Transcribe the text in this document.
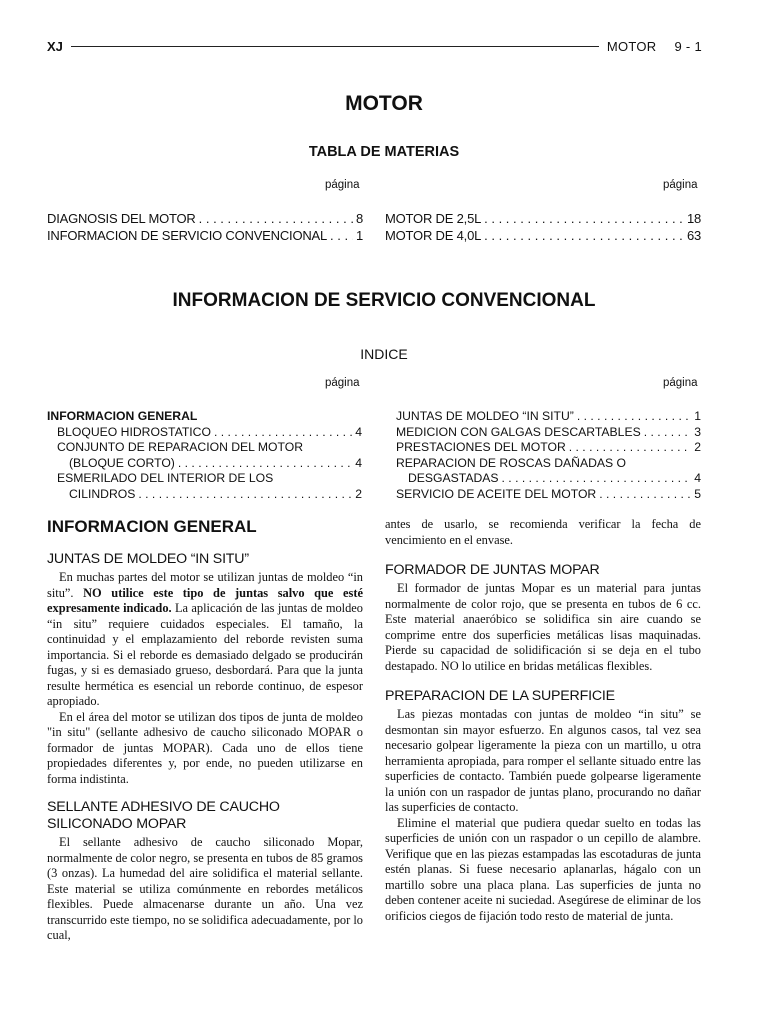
XJ	MOTOR 9 - 1
MOTOR
TABLA DE MATERIAS
página	página
DIAGNOSIS DEL MOTOR . . .	8
INFORMACION DE SERVICIO CONVENCIONAL . . . 1
MOTOR DE 2,5L . . .	18
MOTOR DE 4,0L . . .	63
INFORMACION DE SERVICIO CONVENCIONAL
INDICE
página	página
INFORMACION GENERAL
BLOQUEO HIDROSTATICO . . .	4
CONJUNTO DE REPARACION DEL MOTOR
(BLOQUE CORTO) . . .	4
ESMERILADO DEL INTERIOR DE LOS
CILINDROS . . .	2
JUNTAS DE MOLDEO “IN SITU” . . .	1
MEDICION CON GALGAS DESCARTABLES . . .	3
PRESTACIONES DEL MOTOR . . .	2
REPARACION DE ROSCAS DAÑADAS O
DESGASTADAS . . .	4
SERVICIO DE ACEITE DEL MOTOR . . .	5
INFORMACION GENERAL
JUNTAS DE MOLDEO “IN SITU”

En muchas partes del motor se utilizan juntas de moldeo “in situ”. NO utilice este tipo de juntas salvo que esté expresamente indicado. La aplicación de las juntas de moldeo “in situ” requiere cuidados especiales. El tamaño, la continuidad y el emplazamiento del reborde revisten suma importancia. Si el reborde es demasiado delgado se producirán fugas, y si es demasiado grueso, desbordará. Para que la junta resulte hermética es esencial un reborde continuo, de espesor apropiado.

En el área del motor se utilizan dos tipos de junta de moldeo "in situ" (sellante adhesivo de caucho siliconado MOPAR o formador de juntas MOPAR). Cada uno de ellos tiene propiedades diferentes y, por ende, no pueden utilizarse en forma indistinta.

SELLANTE ADHESIVO DE CAUCHO SILICONADO MOPAR

El sellante adhesivo de caucho siliconado Mopar, normalmente de color negro, se presenta en tubos de 85 gramos (3 onzas). La humedad del aire solidifica el material sellante. Este material se utiliza comúnmente en rebordes metálicos flexibles. Puede almacenarse durante un año. Una vez transcurrido este tiempo, no se solidifica adecuadamente, por lo cual,

antes de usarlo, se recomienda verificar la fecha de vencimiento en el envase.

FORMADOR DE JUNTAS MOPAR

El formador de juntas Mopar es un material para juntas normalmente de color rojo, que se presenta en tubos de 6 cc. Este material anaeróbico se solidifica sin aire cuando se comprime entre dos superficies metálicas lisas maquinadas. Pierde su capacidad de solidificación si se deja en el tubo destapado. NO lo utilice en bridas metálicas flexibles.

PREPARACION DE LA SUPERFICIE

Las piezas montadas con juntas de moldeo “in situ” se desmontan sin mayor esfuerzo. En algunos casos, tal vez sea necesario golpear ligeramente la pieza con un martillo, u otra herramienta apropiada, para romper el sellante situado entre las superficies de contacto. También puede golpearse ligeramente la unión con un raspador de juntas plano, procurando no dañar las superficies de contacto.

Elimine el material que pudiera quedar suelto en todas las superficies de unión con un raspador o un cepillo de alambre. Verifique que en las piezas estampadas las escotaduras de junta estén planas. Si fuese necesario aplanarlas, hágalo con un martillo sobre una placa plana. Las superficies de junta no deben contener aceite ni suciedad. Asegúrese de eliminar de los orificios ciegos de fijación todo resto de material de junta.
